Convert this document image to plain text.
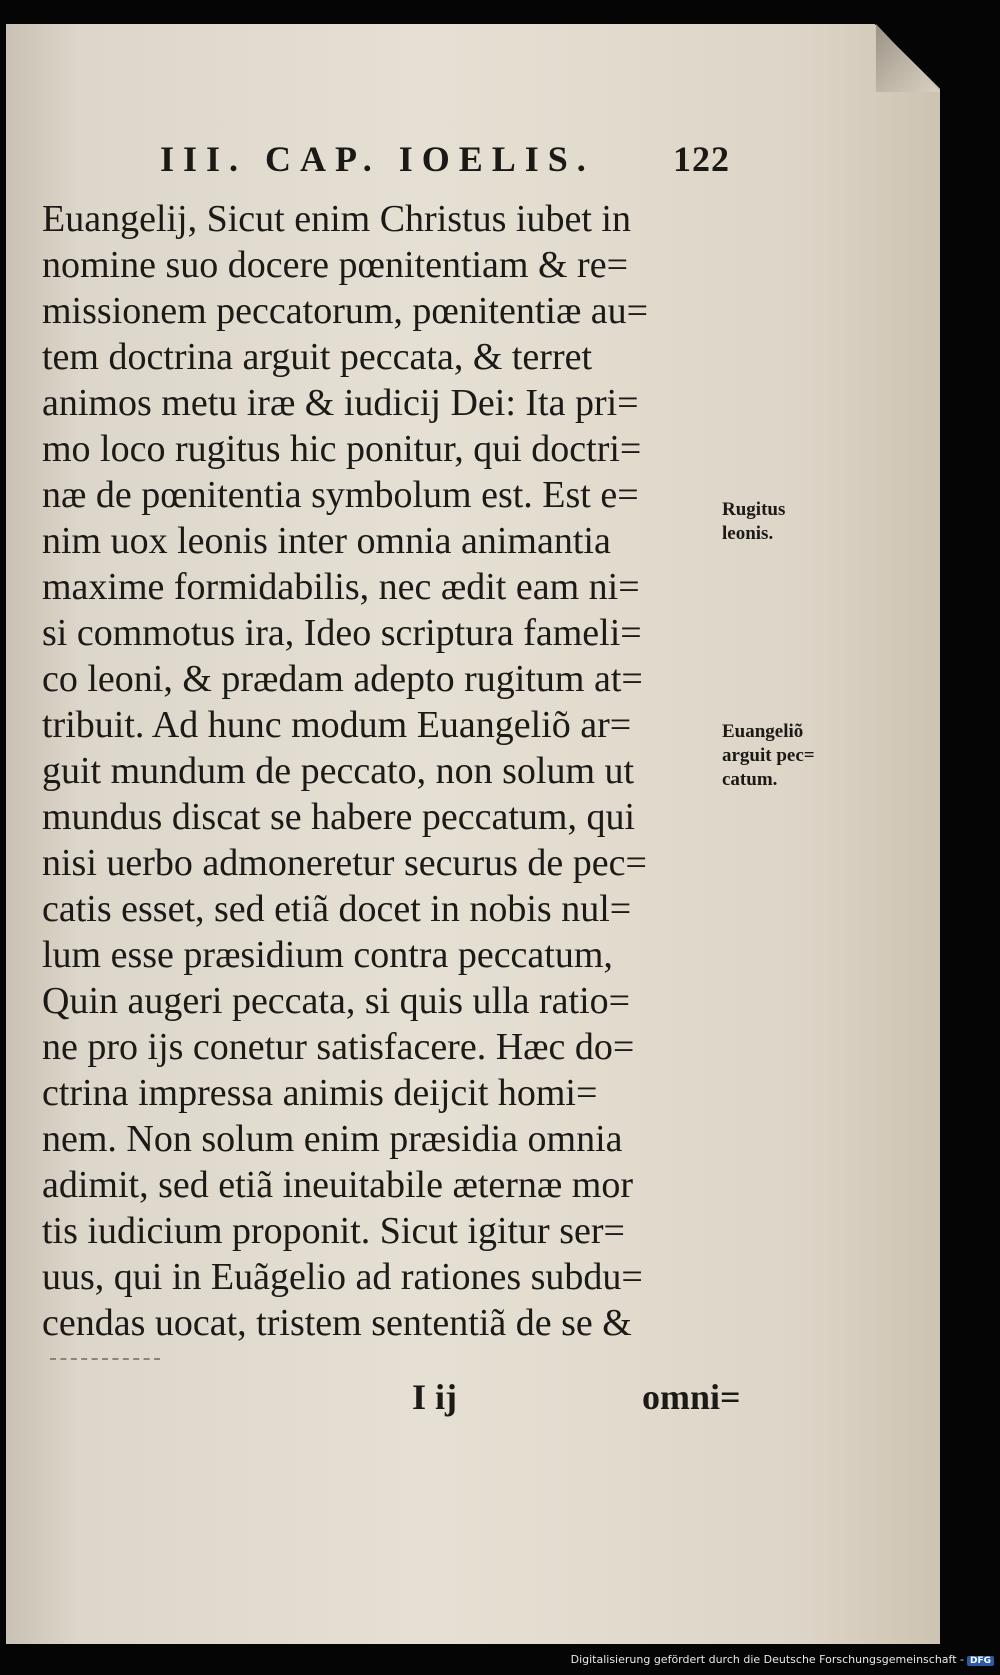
III. CAP. IOELIS. 122
Euangelij, Sicut enim Christus iubet in
nomine suo docere pœnitentiam & re=
missionem peccatorum, pœnitentiæ au=
tem doctrina arguit peccata, & terret
animos metu iræ & iudicij Dei: Ita pri=
mo loco rugitus hic ponitur, qui doctri=
næ de pœnitentia symbolum est. Est e=
nim uox leonis inter omnia animantia
maxime formidabilis, nec ædit eam ni=
si commotus ira, Ideo scriptura fameli=
co leoni, & prædam adepto rugitum at=
tribuit. Ad hunc modum Euangeliõ ar=
guit mundum de peccato, non solum ut
mundus discat se habere peccatum, qui
nisi uerbo admoneretur securus de pec=
catis esset, sed etiã docet in nobis nul=
lum esse præsidium contra peccatum,
Quin augeri peccata, si quis ulla ratio=
ne pro ijs conetur satisfacere. Hæc do=
ctrina impressa animis deijcit homi=
nem. Non solum enim præsidia omnia
adimit, sed etiã ineuitabile æternæ mor
tis iudicium proponit. Sicut igitur ser=
uus, qui in Euãgelio ad rationes subdu=
cendas uocat, tristem sententiã de se &
Rugitus
leonis.
Euangeliõ
arguit pec=
catum.
I ij	omni=
Digitalisierung gefördert durch die Deutsche Forschungsgemeinschaft - DFG
